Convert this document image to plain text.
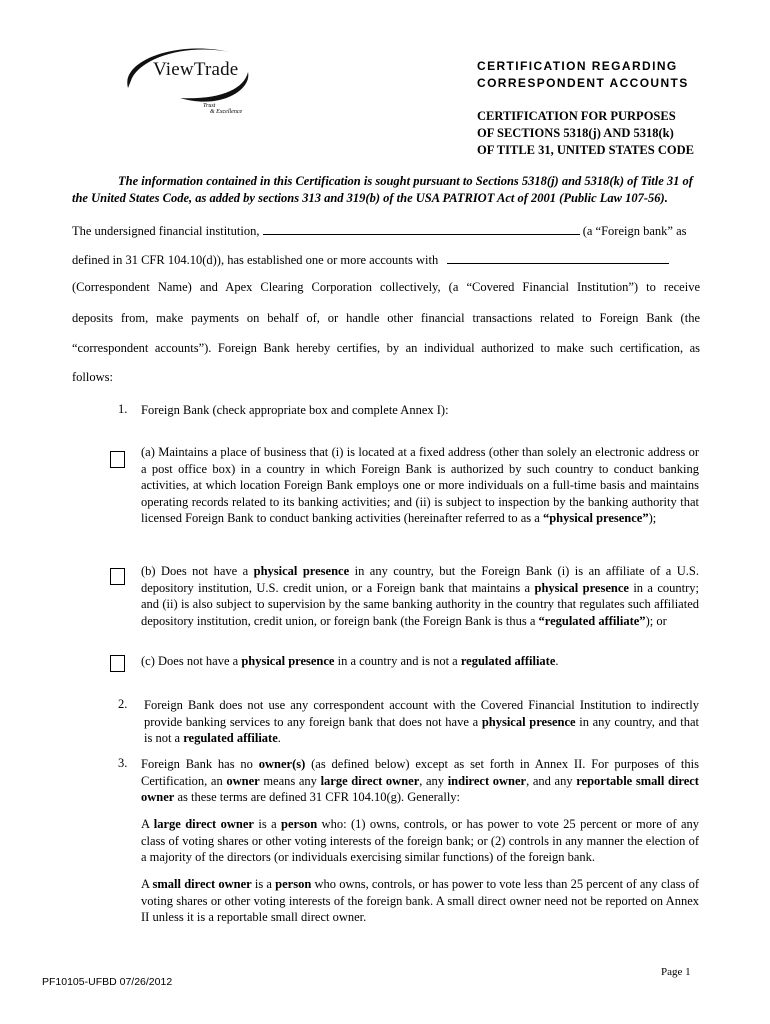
ViewTrade
Trust
& Excellence
CERTIFICATION REGARDING
CORRESPONDENT ACCOUNTS
CERTIFICATION FOR PURPOSES
OF SECTIONS 5318(j) AND 5318(k)
OF TITLE 31, UNITED STATES CODE
The information contained in this Certification is sought pursuant to Sections 5318(j) and 5318(k) of Title 31 of the United States Code, as added by sections 313 and 319(b) of the USA PATRIOT Act of 2001 (Public Law 107-56).
The undersigned financial institution,	(a “Foreign bank” as
defined in 31 CFR 104.10(d)), has established one or more accounts with
(Correspondent Name) and Apex Clearing Corporation collectively, (a “Covered Financial Institution”) to receive
deposits from, make payments on behalf of, or handle other financial transactions related to Foreign Bank (the
“correspondent accounts”). Foreign Bank hereby certifies, by an individual authorized to make such certification, as
follows:
1. Foreign Bank (check appropriate box and complete Annex I):
(a) Maintains a place of business that (i) is located at a fixed address (other than solely an electronic address or a post office box) in a country in which Foreign Bank is authorized by such country to conduct banking activities, at which location Foreign Bank employs one or more individuals on a full-time basis and maintains operating records related to its banking activities; and (ii) is subject to inspection by the banking authority that licensed Foreign Bank to conduct banking activities (hereinafter referred to as a “physical presence”);
(b) Does not have a physical presence in any country, but the Foreign Bank (i) is an affiliate of a U.S. depository institution, U.S. credit union, or a Foreign bank that maintains a physical presence in a country; and (ii) is also subject to supervision by the same banking authority in the country that regulates such affiliated depository institution, credit union, or foreign bank (the Foreign Bank is thus a “regulated affiliate”); or
(c) Does not have a physical presence in a country and is not a regulated affiliate.
2. Foreign Bank does not use any correspondent account with the Covered Financial Institution to indirectly provide banking services to any foreign bank that does not have a physical presence in any country, and that is not a regulated affiliate.
3. Foreign Bank has no owner(s) (as defined below) except as set forth in Annex II. For purposes of this Certification, an owner means any large direct owner, any indirect owner, and any reportable small direct owner as these terms are defined 31 CFR 104.10(g). Generally:
A large direct owner is a person who: (1) owns, controls, or has power to vote 25 percent or more of any class of voting shares or other voting interests of the foreign bank; or (2) controls in any manner the election of a majority of the directors (or individuals exercising similar functions) of the foreign bank.
A small direct owner is a person who owns, controls, or has power to vote less than 25 percent of any class of voting shares or other voting interests of the foreign bank. A small direct owner need not be reported on Annex II unless it is a reportable small direct owner.
Page 1
PF10105-UFBD 07/26/2012
